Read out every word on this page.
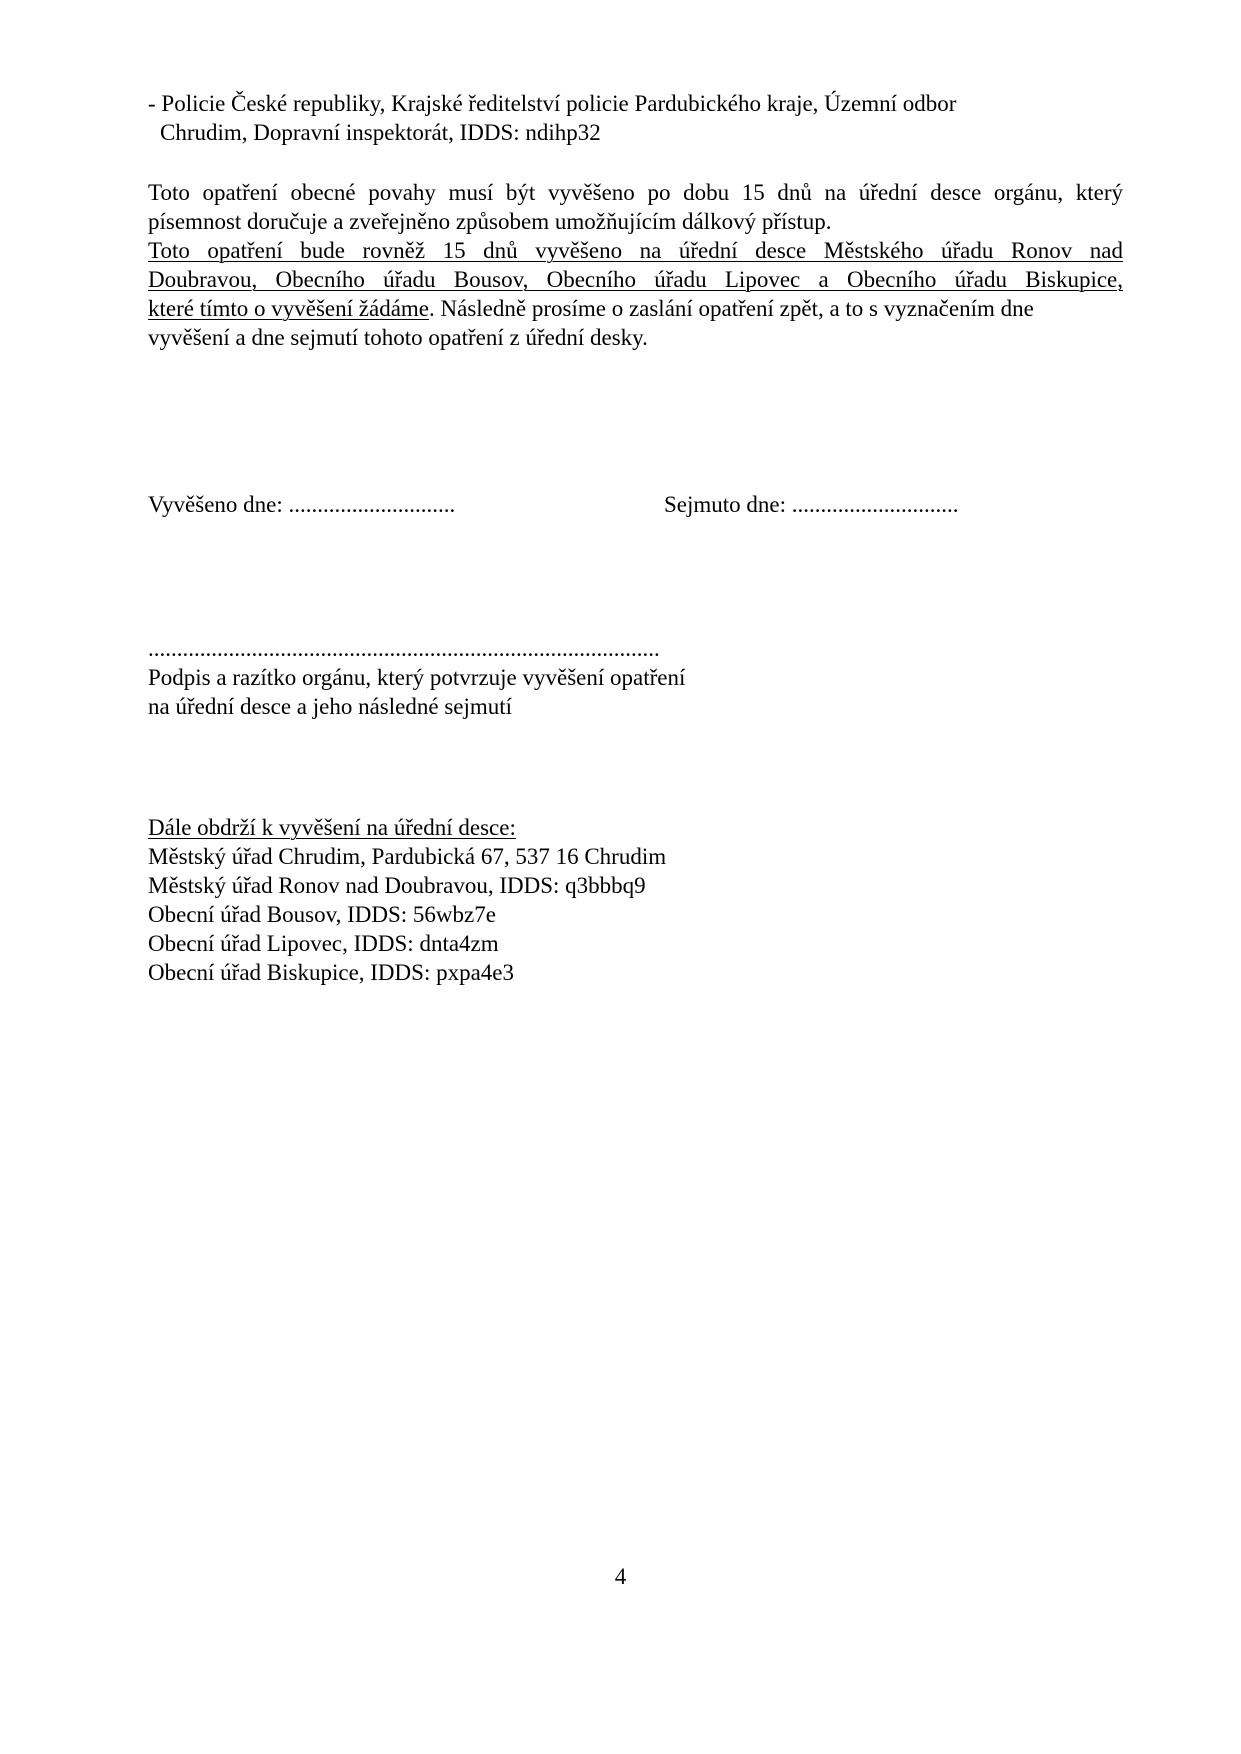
- Policie České republiky, Krajské ředitelství policie Pardubického kraje, Územní odbor
Chrudim, Dopravní inspektorát, IDDS: ndihp32
Toto opatření obecné povahy musí být vyvěšeno po dobu 15 dnů na úřední desce orgánu, který
písemnost doručuje a zveřejněno způsobem umožňujícím dálkový přístup.
Toto opatření bude rovněž 15 dnů vyvěšeno na úřední desce Městského úřadu Ronov nad
Doubravou, Obecního úřadu Bousov, Obecního úřadu Lipovec a Obecního úřadu Biskupice,
které tímto o vyvěšení žádáme. Následně prosíme o zaslání opatření zpět, a to s vyznačením dne
vyvěšení a dne sejmutí tohoto opatření z úřední desky.
Vyvěšeno dne: .............................	Sejmuto dne: .............................
.........................................................................................
Podpis a razítko orgánu, který potvrzuje vyvěšení opatření
na úřední desce a jeho následné sejmutí
Dále obdrží k vyvěšení na úřední desce:
Městský úřad Chrudim, Pardubická 67, 537 16 Chrudim
Městský úřad Ronov nad Doubravou, IDDS: q3bbbq9
Obecní úřad Bousov, IDDS: 56wbz7e
Obecní úřad Lipovec, IDDS: dnta4zm
Obecní úřad Biskupice, IDDS: pxpa4e3
4
